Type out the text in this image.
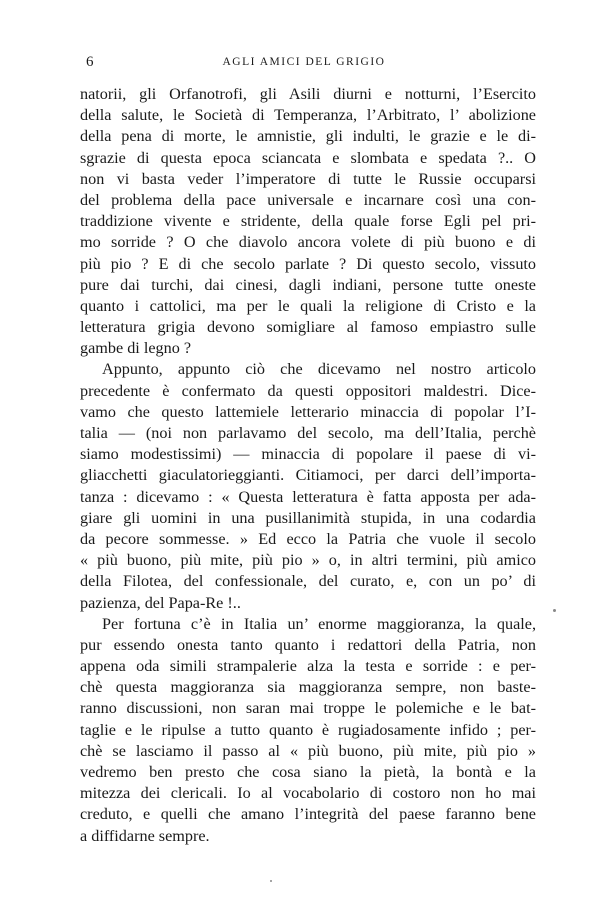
6	AGLI AMICI DEL GRIGIO
natorii, gli Orfanotrofi, gli Asili diurni e notturni, l’Esercito
della salute, le Società di Temperanza, l’Arbitrato, l’ abolizione
della pena di morte, le amnistie, gli indulti, le grazie e le di-
sgrazie di questa epoca sciancata e slombata e spedata ?.. O
non vi basta veder l’imperatore di tutte le Russie occuparsi
del problema della pace universale e incarnare così una con-
traddizione vivente e stridente, della quale forse Egli pel pri-
mo sorride ? O che diavolo ancora volete di più buono e di
più pio ? E di che secolo parlate ? Di questo secolo, vissuto
pure dai turchi, dai cinesi, dagli indiani, persone tutte oneste
quanto i cattolici, ma per le quali la religione di Cristo e la
letteratura grigia devono somigliare al famoso empiastro sulle
gambe di legno ?
Appunto, appunto ciò che dicevamo nel nostro articolo
precedente è confermato da questi oppositori maldestri. Dice-
vamo che questo lattemiele letterario minaccia di popolar l’I-
talia — (noi non parlavamo del secolo, ma dell’Italia, perchè
siamo modestissimi) — minaccia di popolare il paese di vi-
gliacchetti giaculatorieggianti. Citiamoci, per darci dell’importa-
tanza : dicevamo : « Questa letteratura è fatta apposta per ada-
giare gli uomini in una pusillanimità stupida, in una codardia
da pecore sommesse. » Ed ecco la Patria che vuole il secolo
« più buono, più mite, più pio » o, in altri termini, più amico
della Filotea, del confessionale, del curato, e, con un po’ di
pazienza, del Papa-Re !..
Per fortuna c’è in Italia un’ enorme maggioranza, la quale,
pur essendo onesta tanto quanto i redattori della Patria, non
appena oda simili strampalerie alza la testa e sorride : e per-
chè questa maggioranza sia maggioranza sempre, non baste-
ranno discussioni, non saran mai troppe le polemiche e le bat-
taglie e le ripulse a tutto quanto è rugiadosamente infido ; per-
chè se lasciamo il passo al « più buono, più mite, più pio »
vedremo ben presto che cosa siano la pietà, la bontà e la
mitezza dei clericali. Io al vocabolario di costoro non ho mai
creduto, e quelli che amano l’integrità del paese faranno bene
a diffidarne sempre.
